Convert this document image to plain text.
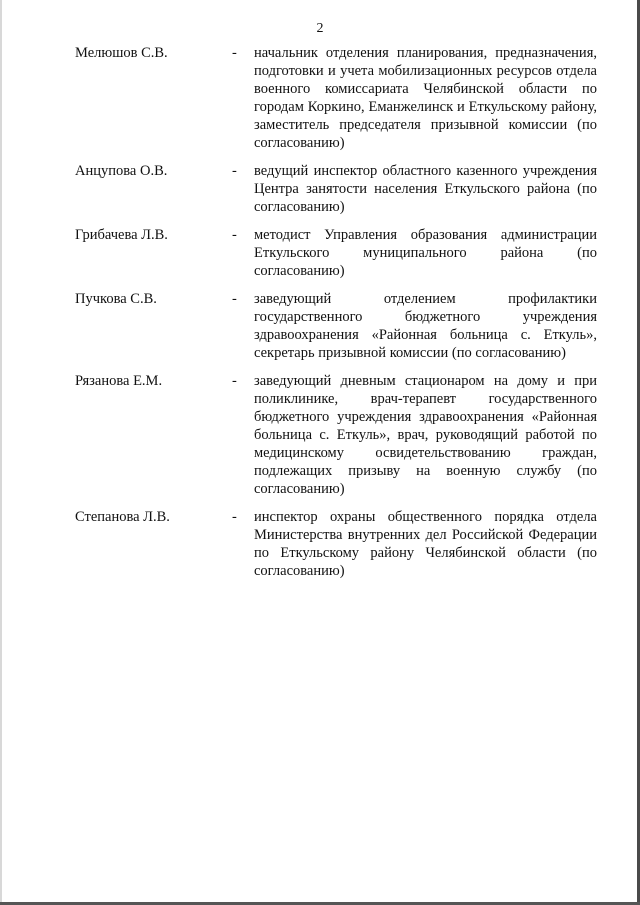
2
Мелюшов С.В.	- начальник отделения планирования, предназначения, подготовки и учета мобилизационных ресурсов отдела военного комиссариата Челябинской области по городам Коркино, Еманжелинск и Еткульскому району, заместитель председателя призывной комиссии (по согласованию)
Анцупова О.В.	- ведущий инспектор областного казенного учреждения Центра занятости населения Еткульского района (по согласованию)
Грибачева Л.В.	- методист Управления образования администрации Еткульского муниципального района (по согласованию)
Пучкова С.В.	- заведующий отделением профилактики государственного бюджетного учреждения здравоохранения «Районная больница с. Еткуль», секретарь призывной комиссии (по согласованию)
Рязанова Е.М.	- заведующий дневным стационаром на дому и при поликлинике, врач-терапевт государственного бюджетного учреждения здравоохранения «Районная больница с. Еткуль», врач, руководящий работой по медицинскому освидетельствованию граждан, подлежащих призыву на военную службу (по согласованию)
Степанова Л.В.	- инспектор охраны общественного порядка отдела Министерства внутренних дел Российской Федерации по Еткульскому району Челябинской области (по согласованию)
